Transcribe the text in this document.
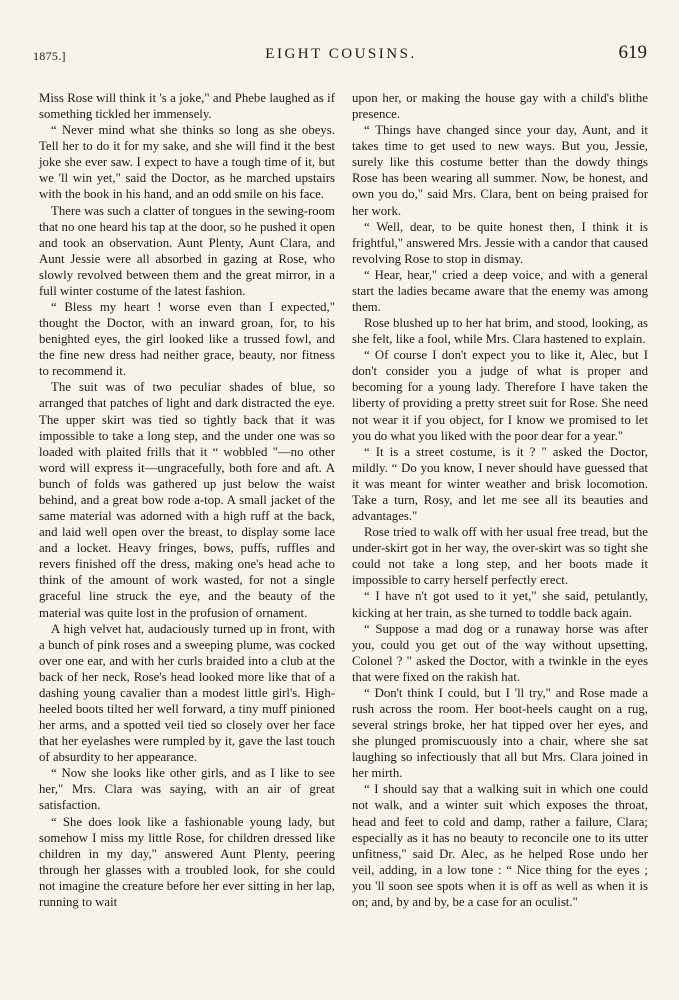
1875.]	EIGHT COUSINS.	619

Miss Rose will think it 's a joke," and Phebe laughed as if something tickled her immensely.

“ Never mind what she thinks so long as she obeys. Tell her to do it for my sake, and she will find it the best joke she ever saw. I expect to have a tough time of it, but we 'll win yet," said the Doctor, as he marched upstairs with the book in his hand, and an odd smile on his face.

There was such a clatter of tongues in the sewing-room that no one heard his tap at the door, so he pushed it open and took an observation. Aunt Plenty, Aunt Clara, and Aunt Jessie were all absorbed in gazing at Rose, who slowly revolved between them and the great mirror, in a full winter costume of the latest fashion.

“ Bless my heart ! worse even than I expected," thought the Doctor, with an inward groan, for, to his benighted eyes, the girl looked like a trussed fowl, and the fine new dress had neither grace, beauty, nor fitness to recommend it.

The suit was of two peculiar shades of blue, so arranged that patches of light and dark distracted the eye. The upper skirt was tied so tightly back that it was impossible to take a long step, and the under one was so loaded with plaited frills that it “ wobbled "—no other word will express it—ungracefully, both fore and aft. A bunch of folds was gathered up just below the waist behind, and a great bow rode a-top. A small jacket of the same material was adorned with a high ruff at the back, and laid well open over the breast, to display some lace and a locket. Heavy fringes, bows, puffs, ruffles and revers finished off the dress, making one's head ache to think of the amount of work wasted, for not a single graceful line struck the eye, and the beauty of the material was quite lost in the profusion of ornament.

A high velvet hat, audaciously turned up in front, with a bunch of pink roses and a sweeping plume, was cocked over one ear, and with her curls braided into a club at the back of her neck, Rose's head looked more like that of a dashing young cavalier than a modest little girl's. High-heeled boots tilted her well forward, a tiny muff pinioned her arms, and a spotted veil tied so closely over her face that her eyelashes were rumpled by it, gave the last touch of absurdity to her appearance.

“ Now she looks like other girls, and as I like to see her," Mrs. Clara was saying, with an air of great satisfaction.

“ She does look like a fashionable young lady, but somehow I miss my little Rose, for children dressed like children in my day," answered Aunt Plenty, peering through her glasses with a troubled look, for she could not imagine the creature before her ever sitting in her lap, running to wait

upon her, or making the house gay with a child's blithe presence.

“ Things have changed since your day, Aunt, and it takes time to get used to new ways. But you, Jessie, surely like this costume better than the dowdy things Rose has been wearing all summer. Now, be honest, and own you do," said Mrs. Clara, bent on being praised for her work.

“ Well, dear, to be quite honest then, I think it is frightful," answered Mrs. Jessie with a candor that caused revolving Rose to stop in dismay.

“ Hear, hear," cried a deep voice, and with a general start the ladies became aware that the enemy was among them.

Rose blushed up to her hat brim, and stood, looking, as she felt, like a fool, while Mrs. Clara hastened to explain.

“ Of course I don't expect you to like it, Alec, but I don't consider you a judge of what is proper and becoming for a young lady. Therefore I have taken the liberty of providing a pretty street suit for Rose. She need not wear it if you object, for I know we promised to let you do what you liked with the poor dear for a year."

“ It is a street costume, is it ? " asked the Doctor, mildly. “ Do you know, I never should have guessed that it was meant for winter weather and brisk locomotion. Take a turn, Rosy, and let me see all its beauties and advantages."

Rose tried to walk off with her usual free tread, but the under-skirt got in her way, the over-skirt was so tight she could not take a long step, and her boots made it impossible to carry herself perfectly erect.

“ I have n't got used to it yet," she said, petulantly, kicking at her train, as she turned to toddle back again.

“ Suppose a mad dog or a runaway horse was after you, could you get out of the way without upsetting, Colonel ? " asked the Doctor, with a twinkle in the eyes that were fixed on the rakish hat.

“ Don't think I could, but I 'll try," and Rose made a rush across the room. Her boot-heels caught on a rug, several strings broke, her hat tipped over her eyes, and she plunged promiscuously into a chair, where she sat laughing so infectiously that all but Mrs. Clara joined in her mirth.

“ I should say that a walking suit in which one could not walk, and a winter suit which exposes the throat, head and feet to cold and damp, rather a failure, Clara; especially as it has no beauty to reconcile one to its utter unfitness," said Dr. Alec, as he helped Rose undo her veil, adding, in a low tone : “ Nice thing for the eyes ; you 'll soon see spots when it is off as well as when it is on; and, by and by, be a case for an oculist."
